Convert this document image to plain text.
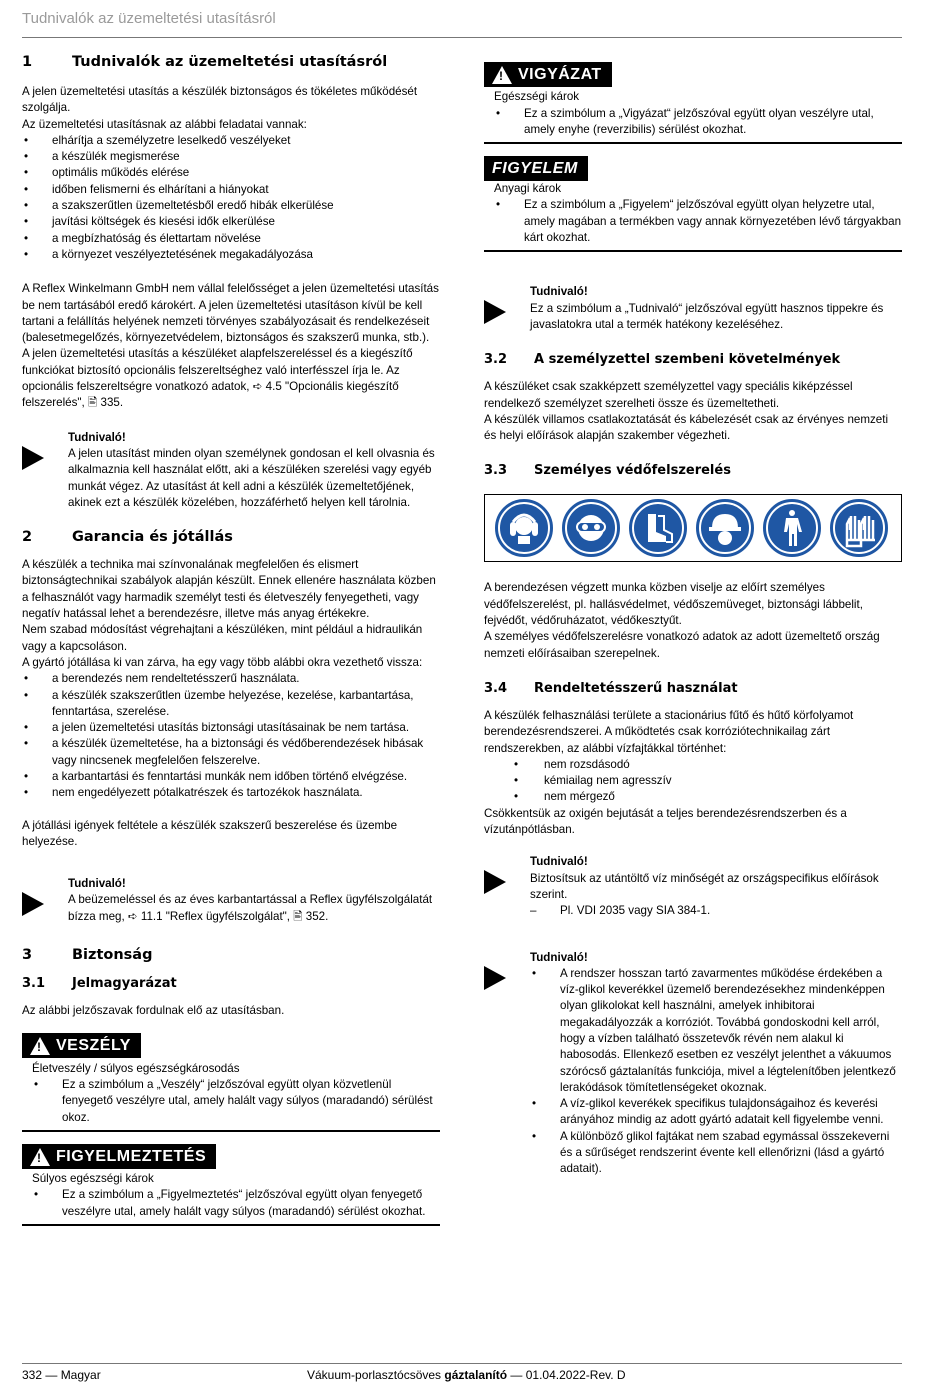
Tudnivalók az üzemeltetési utasításról
1	Tudnivalók az üzemeltetési utasításról

A jelen üzemeltetési utasítás a készülék biztonságos és tökéletes működését szolgálja.

Az üzemeltetési utasításnak az alábbi feladatai vannak:

• elhárítja a személyzetre leselkedő veszélyeket
• a készülék megismerése
• optimális működés elérése
• időben felismerni és elhárítani a hiányokat
• a szakszerűtlen üzemeltetésből eredő hibák elkerülése
• javítási költségek és kiesési idők elkerülése
• a megbízhatóság és élettartam növelése
• a környezet veszélyeztetésének megakadályozása

A Reflex Winkelmann GmbH nem vállal felelősséget a jelen üzemeltetési utasítás be nem tartásából eredő károkért. A jelen üzemeltetési utasításon kívül be kell tartani a felállítás helyének nemzeti törvényes szabályozásait és rendelkezéseit (balesetmegelőzés, környezetvédelem, biztonságos és szakszerű munka, stb.).

A jelen üzemeltetési utasítás a készüléket alapfelszereléssel és a kiegészítő funkciókat biztosító opcionális felszereltséghez való interfésszel írja le. Az opcionális felszereltségre vonatkozó adatok, ➪ 4.5 "Opcionális kiegészítő felszerelés", 🖹 335.

Tudnivaló!
A jelen utasítást minden olyan személynek gondosan el kell olvasnia és alkalmaznia kell használat előtt, aki a készüléken szerelési vagy egyéb munkát végez. Az utasítást át kell adni a készülék üzemeltetőjének, akinek ezt a készülék közelében, hozzáférhető helyen kell tárolnia.
2	Garancia és jótállás

A készülék a technika mai színvonalának megfelelően és elismert biztonságtechnikai szabályok alapján készült. Ennek ellenére használata közben a felhasználót vagy harmadik személyt testi és életveszély fenyegetheti, vagy negatív hatással lehet a berendezésre, illetve más anyag értékekre.

Nem szabad módosítást végrehajtani a készüléken, mint például a hidraulikán vagy a kapcsoláson.

A gyártó jótállása ki van zárva, ha egy vagy több alábbi okra vezethető vissza:

• a berendezés nem rendeltetésszerű használata.
• a készülék szakszerűtlen üzembe helyezése, kezelése, karbantartása, fenntartása, szerelése.
• a jelen üzemeltetési utasítás biztonsági utasításainak be nem tartása.
• a készülék üzemeltetése, ha a biztonsági és védőberendezések hibásak vagy nincsenek megfelelően felszerelve.
• a karbantartási és fenntartási munkák nem időben történő elvégzése.
• nem engedélyezett pótalkatrészek és tartozékok használata.

A jótállási igények feltétele a készülék szakszerű beszerelése és üzembe helyezése.

Tudnivaló!
A beüzemeléssel és az éves karbantartással a Reflex ügyfélszolgálatát bízza meg, ➪ 11.1 "Reflex ügyfélszolgálat", 🖹 352.
3	Biztonság
3.1	Jelmagyarázat

Az alábbi jelzőszavak fordulnak elő az utasításban.

!
VESZÉLY
Életveszély / súlyos egészségkárosodás
• Ez a szimbólum a „Veszély“ jelzőszóval együtt olyan közvetlenül fenyegető veszélyre utal, amely halált vagy súlyos (maradandó) sérülést okoz.
!
FIGYELMEZTETÉS
Súlyos egészségi károk
• Ez a szimbólum a „Figyelmeztetés“ jelzőszóval együtt olyan fenyegető veszélyre utal, amely halált vagy súlyos (maradandó) sérülést okozhat.
!
VIGYÁZAT
Egészségi károk
• Ez a szimbólum a „Vigyázat“ jelzőszóval együtt olyan veszélyre utal, amely enyhe (reverzibilis) sérülést okozhat.
FIGYELEM
Anyagi károk
• Ez a szimbólum a „Figyelem“ jelzőszóval együtt olyan helyzetre utal, amely magában a termékben vagy annak környezetében lévő tárgyakban kárt okozhat.
Tudnivaló!
Ez a szimbólum a „Tudnivaló“ jelzőszóval együtt hasznos tippekre és javaslatokra utal a termék hatékony kezeléséhez.
3.2	A személyzettel szembeni követelmények

A készüléket csak szakképzett személyzettel vagy speciális kiképzéssel rendelkező személyzet szerelheti össze és üzemeltetheti.

A készülék villamos csatlakoztatását és kábelezését csak az érvényes nemzeti és helyi előírások alapján szakember végezheti.

3.3	Személyes védőfelszerelés

A berendezésen végzett munka közben viselje az előírt személyes védőfelszerelést, pl. hallásvédelmet, védőszemüveget, biztonsági lábbelit, fejvédőt, védőruházatot, védőkesztyűt.

A személyes védőfelszerelésre vonatkozó adatok az adott üzemeltető ország nemzeti előírásaiban szerepelnek.

3.4	Rendeltetésszerű használat

A készülék felhasználási területe a stacionárius fűtő és hűtő körfolyamot berendezésrendszerei. A működtetés csak korróziótechnikailag zárt rendszerekben, az alábbi vízfajtákkal történhet:

• nem rozsdásodó
• kémiailag nem agresszív
• nem mérgező

Csökkentsük az oxigén bejutását a teljes berendezésrendszerben és a vízutánpótlásban.

Tudnivaló!
Biztosítsuk az utántöltő víz minőségét az országspecifikus előírások szerint.
–	Pl. VDI 2035 vagy SIA 384-1.
Tudnivaló!
• A rendszer hosszan tartó zavarmentes működése érdekében a víz-glikol keverékkel üzemelő berendezésekhez mindenképpen olyan glikolokat kell használni, amelyek inhibitorai megakadályozzák a korróziót. Továbbá gondoskodni kell arról, hogy a vízben található összetevők révén nem alakul ki habosodás. Ellenkező esetben ez veszélyt jelenthet a vákuumos szórócső gáztalanítás funkciója, mivel a légtelenítőben jelentkező lerakódások tömítetlenségeket okoznak.
• A víz-glikol keverékek specifikus tulajdonságaihoz és keverési arányához mindig az adott gyártó adatait kell figyelembe venni.
• A különböző glikol fajtákat nem szabad egymással összekeverni és a sűrűséget rendszerint évente kell ellenőrizni (lásd a gyártó adatait).
332 — Magyar	Vákuum-porlasztócsöves gáztalanító — 01.04.2022-Rev. D
